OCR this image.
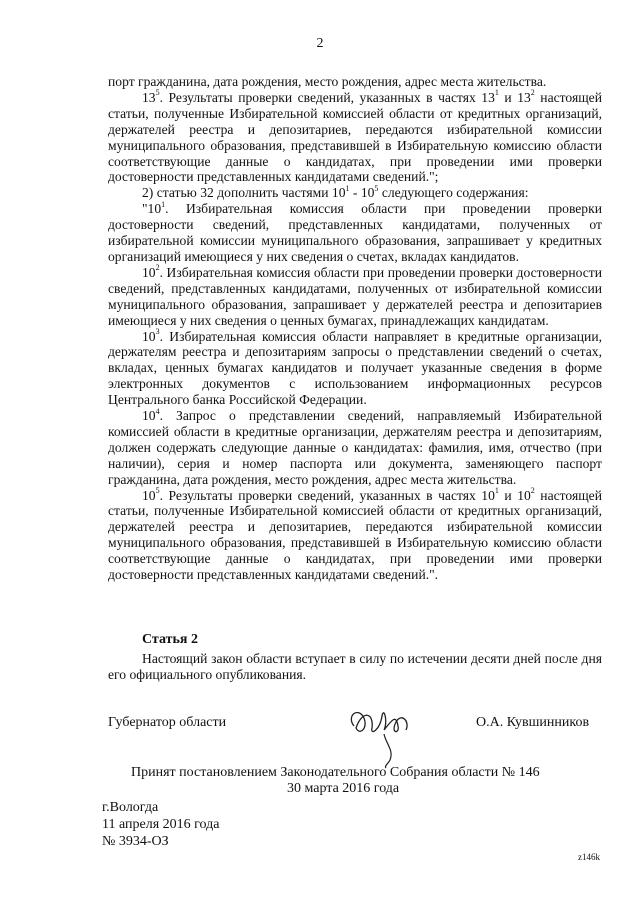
2

порт гражданина, дата рождения, место рождения, адрес места жительства.

$13^5$. Результаты проверки сведений, указанных в частях $13^1$ и $13^2$ настоящей статьи, полученные Избирательной комиссией области от кредитных организаций, держателей реестра и депозитариев, передаются избирательной комиссии муниципального образования, представившей в Избирательную комиссию области соответствующие данные о кандидатах, при проведении ими проверки достоверности представленных кандидатами сведений.";

2) статью 32 дополнить частями $10^1 - 10^5$ следующего содержания:

"$10^1$. Избирательная комиссия области при проведении проверки достоверности сведений, представленных кандидатами, полученных от избирательной комиссии муниципального образования, запрашивает у кредитных организаций имеющиеся у них сведения о счетах, вкладах кандидатов.

$10^2$. Избирательная комиссия области при проведении проверки достоверности сведений, представленных кандидатами, полученных от избирательной комиссии муниципального образования, запрашивает у держателей реестра и депозитариев имеющиеся у них сведения о ценных бумагах, принадлежащих кандидатам.

$10^3$. Избирательная комиссия области направляет в кредитные организации, держателям реестра и депозитариям запросы о представлении сведений о счетах, вкладах, ценных бумагах кандидатов и получает указанные сведения в форме электронных документов с использованием информационных ресурсов Центрального банка Российской Федерации.

$10^4$. Запрос о представлении сведений, направляемый Избирательной комиссией области в кредитные организации, держателям реестра и депозитариям, должен содержать следующие данные о кандидатах: фамилия, имя, отчество (при наличии), серия и номер паспорта или документа, заменяющего паспорт гражданина, дата рождения, место рождения, адрес места жительства.

$10^5$. Результаты проверки сведений, указанных в частях $10^1$ и $10^2$ настоящей статьи, полученные Избирательной комиссией области от кредитных организаций, держателей реестра и депозитариев, передаются избирательной комиссии муниципального образования, представившей в Избирательную комиссию области соответствующие данные о кандидатах, при проведении ими проверки достоверности представленных кандидатами сведений.".

Статья 2

Настоящий закон области вступает в силу по истечении десяти дней после дня его официального опубликования.

Губернатор области	О.А. Кувшинников
Принят постановлением Законодательного Собрания области № 146
30 марта 2016 года
г.Вологда
11 апреля 2016 года
№ 3934-ОЗ
z146k
